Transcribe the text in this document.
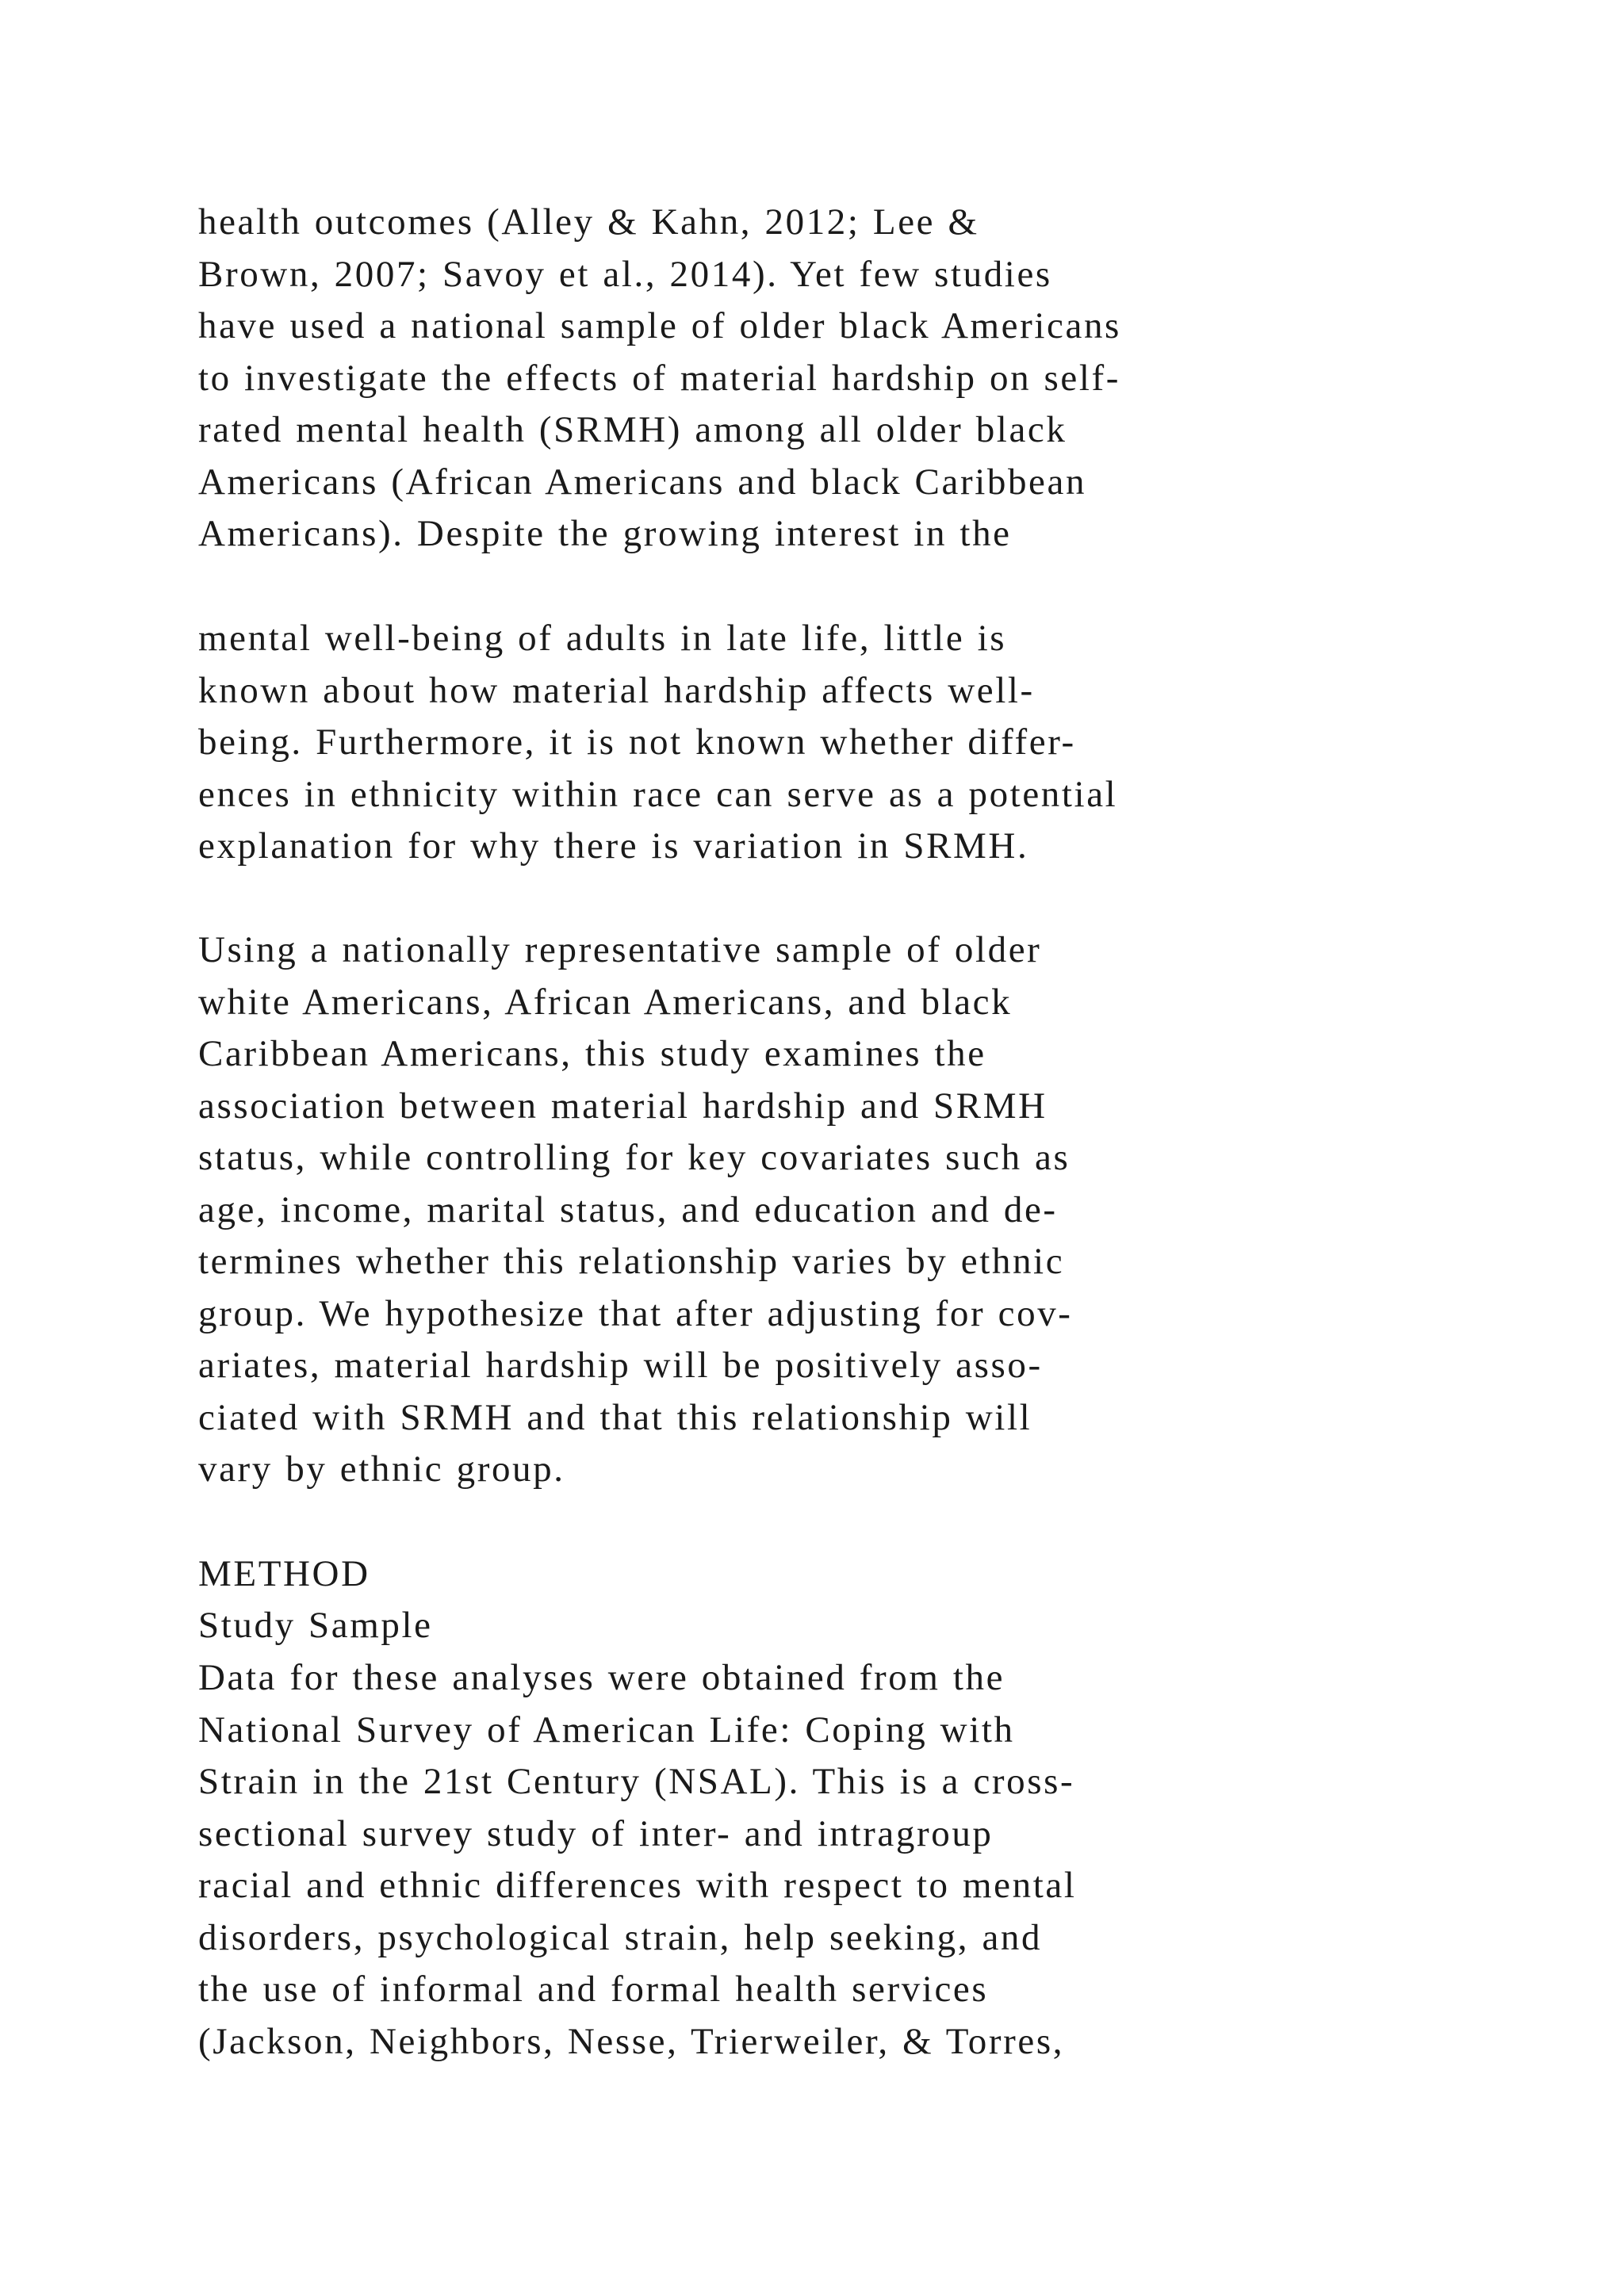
health outcomes (Alley & Kahn, 2012; Lee &
Brown, 2007; Savoy et al., 2014). Yet few studies
have used a national sample of older black Americans
to investigate the effects of material hardship on self-
rated mental health (SRMH) among all older black
Americans (African Americans and black Caribbean
Americans). Despite the growing interest in the
mental well-being of adults in late life, little is
known about how material hardship affects well-
being. Furthermore, it is not known whether differ-
ences in ethnicity within race can serve as a potential
explanation for why there is variation in SRMH.
Using a nationally representative sample of older
white Americans, African Americans, and black
Caribbean Americans, this study examines the
association between material hardship and SRMH
status, while controlling for key covariates such as
age, income, marital status, and education and de-
termines whether this relationship varies by ethnic
group. We hypothesize that after adjusting for cov-
ariates, material hardship will be positively asso-
ciated with SRMH and that this relationship will
vary by ethnic group.
METHOD
Study Sample
Data for these analyses were obtained from the
National Survey of American Life: Coping with
Strain in the 21st Century (NSAL). This is a cross-
sectional survey study of inter- and intragroup
racial and ethnic differences with respect to mental
disorders, psychological strain, help seeking, and
the use of informal and formal health services
(Jackson, Neighbors, Nesse, Trierweiler, & Torres,
